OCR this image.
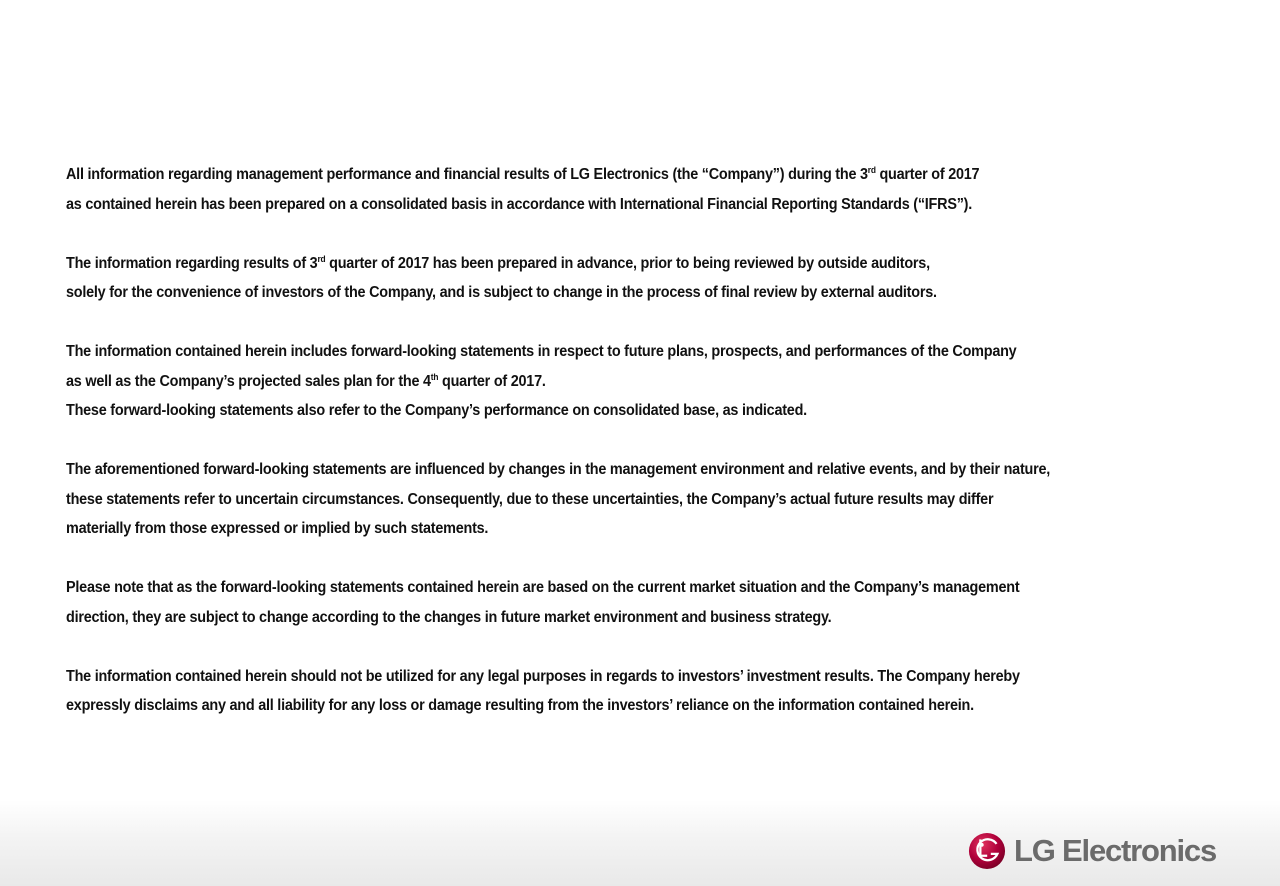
All information regarding management performance and financial results of LG Electronics (the “Company”) during the 3rd quarter of 2017
as contained herein has been prepared on a consolidated basis in accordance with International Financial Reporting Standards (“IFRS”).

The information regarding results of 3rd quarter of 2017 has been prepared in advance, prior to being reviewed by outside auditors,
solely for the convenience of investors of the Company, and is subject to change in the process of final review by external auditors.

The information contained herein includes forward-looking statements in respect to future plans, prospects, and performances of the Company
as well as the Company’s projected sales plan for the 4th quarter of 2017.
These forward-looking statements also refer to the Company’s performance on consolidated base, as indicated.

The aforementioned forward-looking statements are influenced by changes in the management environment and relative events, and by their nature,
these statements refer to uncertain circumstances. Consequently, due to these uncertainties, the Company’s actual future results may differ
materially from those expressed or implied by such statements.

Please note that as the forward-looking statements contained herein are based on the current market situation and the Company’s management
direction, they are subject to change according to the changes in future market environment and business strategy.

The information contained herein should not be utilized for any legal purposes in regards to investors’ investment results. The Company hereby
expressly disclaims any and all liability for any loss or damage resulting from the investors’ reliance on the information contained herein.

LG Electronics
